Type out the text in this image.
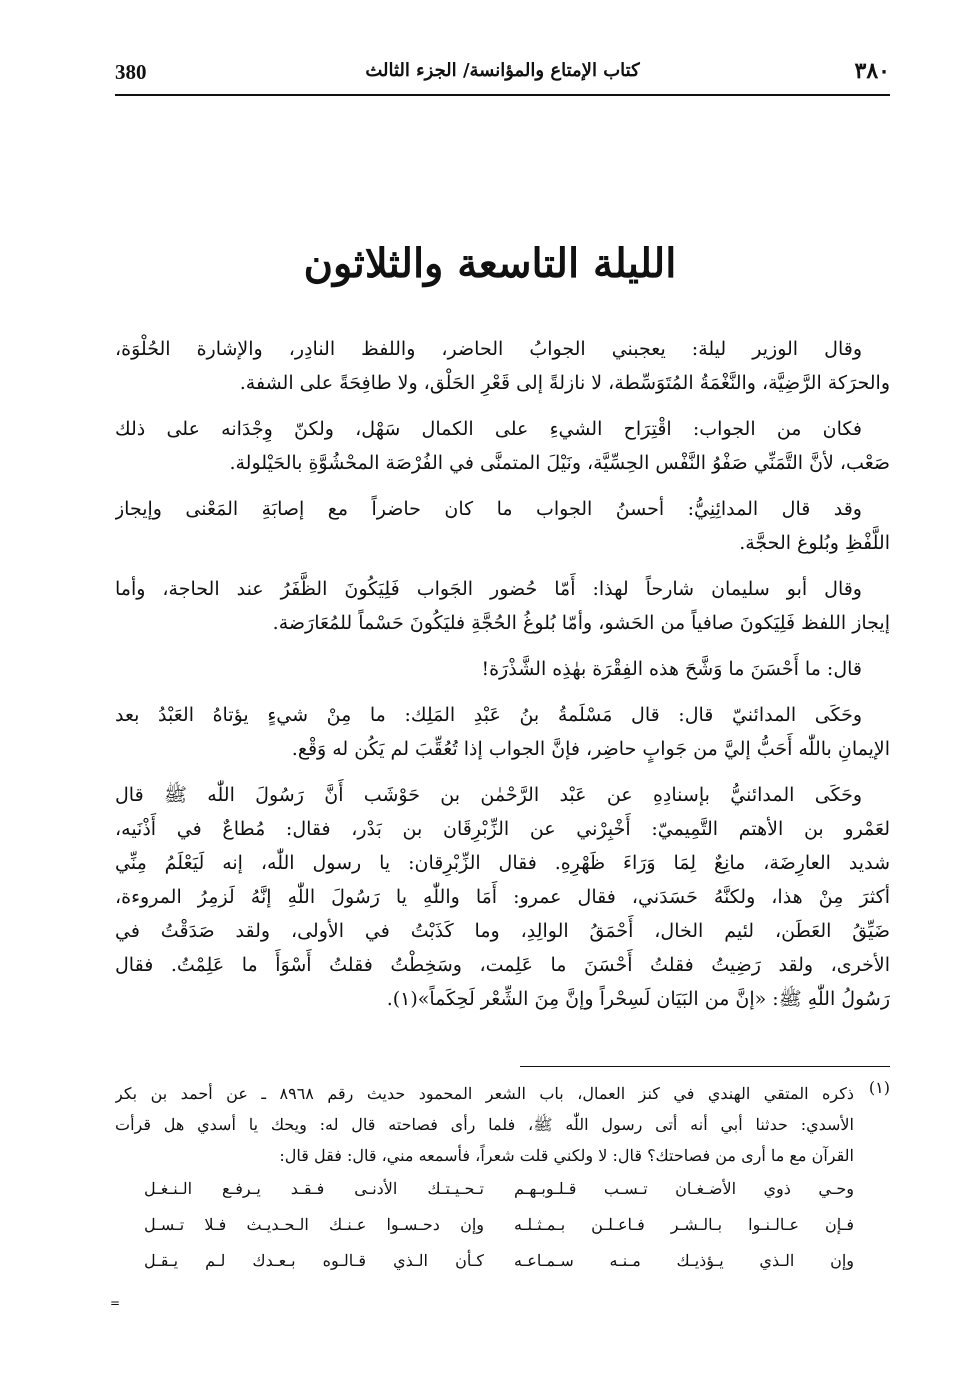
380	كتاب الإمتاع والمؤانسة/ الجزء الثالث	٣٨٠
الليلة التاسعة والثلاثون
وقال الوزير ليلة: يعجبني الجوابُ الحاضر، واللفظ النادِر، والإشارة الحُلْوَة،
والحرَكة الرَّضِيَّة، والنَّغْمَةُ المُتَوَسِّطة، لا نازلةً إلى قَعْرِ الحَلْق، ولا طافِحَةً على الشفة.
فكان من الجواب: اقْتِرَاح الشيءِ على الكمال سَهْل، ولكنّ وِجْدَانه على ذلك
صَعْب، لأنَّ التَّمَنِّي صَفْوُ النَّفْس الحِسِّيَّة، ونَيْلَ المتمنَّى في الفُرْصَة المحْشُوَّةِ بالحَيْلولة.
وقد قال المدائِنِيُّ: أحسنُ الجواب ما كان حاضراً مع إصابَةِ المَعْنى وإيجاز
اللَّفْظِ وبُلوغ الحجَّة.
وقال أبو سليمان شارحاً لهذا: أَمّا حُضور الجَواب فَلِيَكُونَ الظَّفَرُ عند الحاجة، وأما
إيجاز اللفظ فَلِيَكونَ صافياً من الحَشو، وأمّا بُلوغُ الحُجَّةِ فليَكُونَ حَسْماً للمُعَارَضة.
قال: ما أَحْسَنَ ما وَشَّحَ هذه الفِقْرَة بهٰذِه الشَّذْرَة!
وحَكَى المدائنيّ قال: قال مَسْلَمةُ بنُ عَبْدِ المَلِك: ما مِنْ شيءٍ يؤتاهُ العَبْدُ بعد
الإيمانِ باللّٰه أَحَبُّ إليَّ من جَوابٍ حاضِر، فإنَّ الجواب إذا تُعُقِّبَ لم يَكُن له وَقْع.
وحَكَى المدائنيُّ بإسنادِهِ عن عَبْد الرَّحْمٰن بن حَوْشَب أَنَّ رَسُولَ اللّٰه ﷺ قال
لعَمْرو بن الأهتم التَّمِيميّ: أَخْبِرْني عن الزِّبْرِقَان بن بَدْر، فقال: مُطاعٌ في أَذْنَيه،
شديد العارِضَة، مانِعٌ لِمَا وَرَاءَ ظَهْرِهِ. فقال الزِّبْرِقان: يا رسول اللّٰه، إنه لَيَعْلَمُ مِنِّي
أكثرَ مِنْ هذا، ولكنَّهُ حَسَدَني، فقال عمرو: أَمَا واللّٰهِ يا رَسُولَ اللّٰهِ إنَّهُ لَزمِرُ المروءة،
ضَيِّقُ العَطَن، لئيم الخال، أَحْمَقُ الوالِدِ، وما كَذَبْتُ في الأولى، ولقد صَدَقْتُ في
الأخرى، ولقد رَضِيتُ فقلتُ أَحْسَنَ ما عَلِمت، وسَخِطْتُ فقلتُ أَسْوَأَ ما عَلِمْتُ. فقال
رَسُولُ اللّٰهِ ﷺ: «إنَّ من البَيَان لَسِحْراً وإنَّ مِنَ الشِّعْر لَحِكَماً»(١).
(١)
ذكره المتقي الهندي في كنز العمال، باب الشعر المحمود حديث رقم ٨٩٦٨ ـ عن أحمد بن بكر
الأسدي: حدثنا أبي أنه أتى رسول اللّٰه ﷺ، فلما رأى فصاحته قال له: ويحك يا أسدي هل قرأت
القرآن مع ما أرى من فصاحتك؟ قال: لا ولكني قلت شعراً، فأسمعه مني، قال: فقل قال:
وحـي ذوي الأضـغـان تـسـب قـلـوبـهـم
تـحـيـتـك الأدنـى فـقـد يـرفـع الـنـغـل
فـإن عـالـنـوا بـالـشـر فـاعـلـن بـمـثـلـه
وإن دحـسـوا عـنـك الـحـديـث فـلا تـسـل
وإن الـذي يـؤذيـك مـنـه سـمـاعـه
كـأن الـذي قـالـوه بـعـدك لـم يـقـل
=
